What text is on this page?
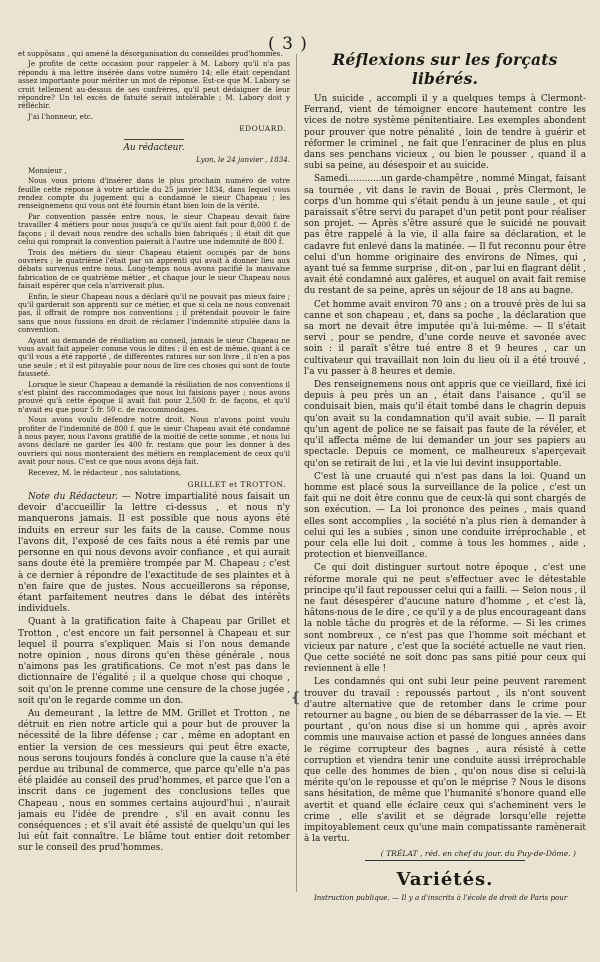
( 3 )
❴

et suppôsans , qui amené la désorganisation du conseildes prud'hommes.

Je profite de cette occasion pour rappeler à M. Labory qu'il n'a pas répondu à ma lettre insérée dans votre numéro 14; elle était cependant assez importante pour mériter un mot de réponse. Est-ce que M. Labory se croit tellement au-dessus de ses confrères, qu'il peut dédaigner de leur répondre? Un tel excès de fatuité serait intolérable ; M. Labory doit y réfléchir.

J'ai l'honneur, etc.

EDOUARD.

Au rédacteur.

Lyon, le 24 janvier , 1834.

Monsieur ,

Nous vous prions d'insérer dans le plus prochain numéro de votre feuille cette réponse à votre article du 25 janvier 1834, dans lequel vous rendez compte du jugement qui a condamné le sieur Chapeau ; les renseignemens qui vous ont été fournis étant bien loin de la vérité.

Par convention passée entre nous, le sieur Chapeau devait faire travailler 4 métiers pour nous jusqu'à ce qu'ils aient fait pour 8,000 f. de façons ; il devait nous rendre des schalls bien fabriqués ; il était dit que celui qui romprait la convention paierait à l'autre une indemnité de 800 f.

Trois des métiers du sieur Chapeau étaient occupés par de bons ouvriers ; le quatrième l'était par un apprenti qui avait à donner lieu aux débats survenus entre nous. Long-temps nous avons pacifié la mauvaise fabrication de ce quatrième métier , et chaque jour le sieur Chapeau nous faisait espérer que cela n'arriverait plus.

Enfin, le sieur Chapeau nous a déclaré qu'il ne pouvait pas mieux faire ; qu'il garderait son apprenti sur ce métier, et que si cela ne nous convenait pas, il offrait de rompre nos conventions ; il prétendait pouvoir le faire sans que nous fussions en droit de réclamer l'indemnité stipulée dans la convention.

Ayant au demandé de résiliation au conseil, jamais le sieur Chapeau ne vous avait fait appeler comme vous le dites ; il en est de même, quant à ce qu'il vous a été rapporté , de différentes ratures sur son livre , il n'en a pas une seule ; et il est pitoyable pour nous de lire ces choses qui sont de toute fausseté.

Lorsque le sieur Chapeau a demandé la résiliation de nos conventions il s'est plaint des raccommodages que nous lui faisions payer ; nous avons prouvé qu'à cette époque il avait fait pour 2,500 fr. de façons, et qu'il n'avait eu que pour 5 fr. 50 c. de raccommodages.

Nous avons voulu défendre notre droit. Nous n'avons point voulu profiter de l'indemnité de 800 f. que le sieur Chapeau avait été condamné à nous payer, nous l'avons gratifié de la moitié de cette somme , et nous lui avons déclaré ne garder les 400 fr. restans que pour les donner à des ouvriers qui nous monteraient des métiers en remplacement de ceux qu'il avait pour nous. C'est ce que nous avons déjà fait.

Recevez, M. le rédacteur , nos salutations,

GRILLET et TROTTON.

Note du Rédacteur. — Notre impartialité nous faisait un devoir d'accueillir la lettre ci-dessus , et nous n'y manquerons jamais. Il est possible que nous ayons été induits en erreur sur les faits de la cause. Comme nous l'avons dit, l'exposé de ces faits nous a été remis par une personne en qui nous devons avoir confiance , et qui aurait sans doute été la première trompée par M. Chapeau ; c'est à ce dernier à répondre de l'exactitude de ses plaintes et à n'en faire que de justes. Nous accueillerons sa réponse, étant parfaitement neutres dans le débat des intérêts individuels.

Quant à la gratification faite à Chapeau par Grillet et Trotton , c'est encore un fait personnel à Chapeau et sur lequel il pourra s'expliquer. Mais si l'on nous demande notre opinion , nous dirons qu'en thèse générale , nous n'aimons pas les gratifications. Ce mot n'est pas dans le dictionnaire de l'égalité ; il a quelque chose qui choque , soit qu'on le prenne comme une censure de la chose jugée , soit qu'on le regarde comme un don.

Au demeurant , la lettre de MM. Grillet et Trotton , ne détruit en rien notre article qui a pour but de prouver la nécessité de la libre défense ; car , même en adoptant en entier la version de ces messieurs qui peut être exacte, nous serons toujours fondés à conclure que la cause n'a été perdue au tribunal de commerce, que parce qu'elle n'a pas été plaidée au conseil des prud'hommes, et parce que l'on a inscrit dans ce jugement des conclusions telles que Chapeau , nous en sommes certains aujourd'hui , n'aurait jamais eu l'idée de prendre , s'il en avait connu les conséquences ; et s'il avait été assisté de quelqu'un qui les lui eût fait connaître. Le blâme tout entier doit retomber sur le conseil des prud'hommes.

Réflexions sur les forçats libérés.

Un suicide , accompli il y a quelques temps à Clermont-Ferrand, vient de témoigner encore hautement contre les vices de notre système pénitentiaire. Les exemples abondent pour prouver que notre pénalité , loin de tendre à guérir et réformer le criminel , ne fait que l'enraciner de plus en plus dans ses penchans vicieux , ou bien le pousser , quand il a subi sa peine, au désespoir et au suicide.

Samedi............un garde-champêtre , nommé Mingat, faisant sa tournée , vit dans le ravin de Bouai , près Clermont, le corps d'un homme qui s'était pendu à un jeune saule , et qui paraissait s'être servi du parapet d'un petit pont pour réaliser son projet. — Après s'être assuré que le suicidé ne pouvait pas être rappelé à la vie, il alla faire sa déclaration, et le cadavre fut enlevé dans la matinée. — Il fut reconnu pour être celui d'un homme originaire des environs de Nîmes, qui , ayant tué sa femme surprise , dit-on , par lui en flagrant délit , avait été condamné aux galères, et auquel on avait fait remise du restant de sa peine, après un séjour de 18 ans au bagne.

Cet homme avait environ 70 ans ; on a trouvé près de lui sa canne et son chapeau , et, dans sa poche , la déclaration que sa mort ne devait être imputée qu'à lui-même. — Il s'était servi , pour se pendre, d'une corde neuve et savonée avec soin : il paraît s'être tué entre 8 et 9 heures , car un cultivateur qui travaillait non loin du lieu où il a été trouvé , l'a vu passer à 8 heures et demie.

Des renseignemens nous ont appris que ce vieillard, fixé ici depuis à peu près un an , était dans l'aisance , qu'il se conduisait bien, mais qu'il était tombé dans le chagrin depuis qu'on avait su la condamnation qu'il avait subie. — Il paraît qu'un agent de police ne se faisait pas faute de la révéler, et qu'il affecta même de lui demander un jour ses papiers au spectacle. Depuis ce moment, ce malheureux s'aperçevait qu'on se retirait de lui , et la vie lui devint insupportable.

C'est là une cruauté qui n'est pas dans la loi. Quand un homme est placé sous la surveillance de la police , c'est un fait qui ne doit être connu que de ceux-là qui sont chargés de son exécution. — La loi prononce des peines , mais quand elles sont accomplies , la société n'a plus rien à demander à celui qui les a subies , sinon une conduite irréprochable , et pour cela elle lui doit , comme à tous les hommes , aide , protection et bienveillance.

Ce qui doit distinguer surtout notre époque , c'est une réforme morale qui ne peut s'effectuer avec le détestable principe qu'il faut repousser celui qui a failli. — Selon nous , il ne faut désespérer d'aucune nature d'homme , et c'est là, hâtons-nous de le dire , ce qu'il y a de plus encourageant dans la noble tâche du progrès et de la réforme. — Si les crimes sont nombreux , ce n'est pas que l'homme soit méchant et vicieux par nature , c'est que la société actuelle ne vaut rien. Que cette société ne soit donc pas sans pitié pour ceux qui reviennent à elle !

Les condamnés qui ont subi leur peine peuvent rarement trouver du travail : repoussés partout , ils n'ont souvent d'autre alternative que de retomber dans le crime pour retourner au bagne , ou bien de se débarrasser de la vie. — Et pourtant , qu'on nous dise si un homme qui , après avoir commis une mauvaise action et passé de longues années dans le régime corrupteur des bagnes , aura résisté à cette corruption et viendra tenir une conduite aussi irréprochable que celle des hommes de bien , qu'on nous dise si celui-là mérite qu'on le repousse et qu'on le méprise ? Nous le disons sans hésitation, de même que l'humanité s'honore quand elle avertit et quand elle éclaire ceux qui s'acheminent vers le crime , elle s'avilit et se dégrade lorsqu'elle rejette impitoyablement ceux qu'une main compatissante ramènerait à la vertu.

( TRÉLAT , réd. en chef du jour. du Puy-de-Dôme. )

Variétés.

Instruction publique. — Il y a d'inscrits à l'école de droit de Paris pour
